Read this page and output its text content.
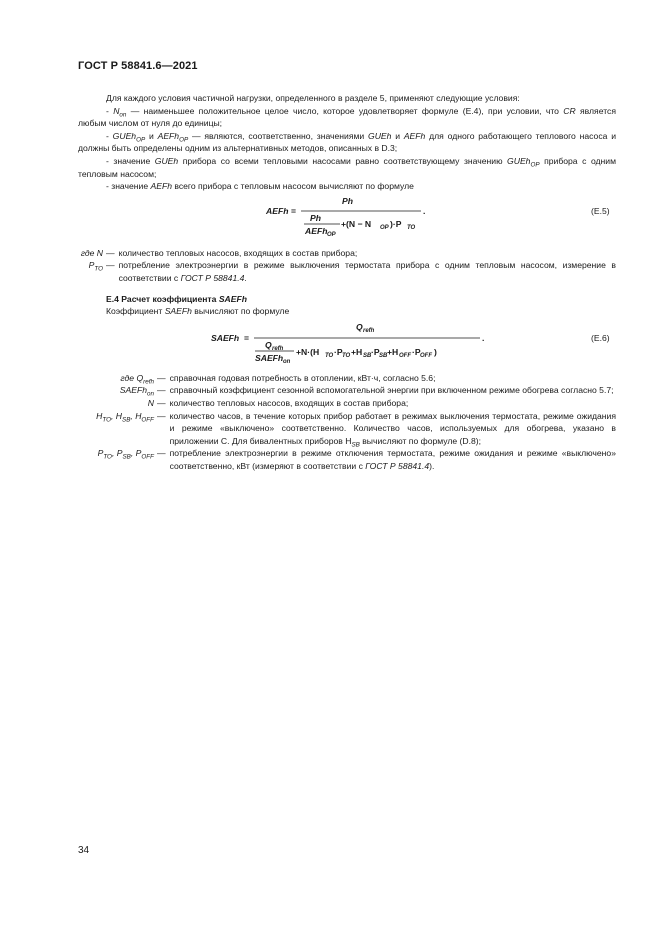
ГОСТ Р 58841.6—2021

Для каждого условия частичной нагрузки, определенного в разделе 5, применяют следующие условия:

- $N_{on}$ — наименьшее положительное целое число, которое удовлетворяет формуле (Е.4), при условии, что CR является любым числом от нуля до единицы;

- GUEh$_{OP}$ и AEFh$_{OP}$ — являются, соответственно, значениями GUEh и AEFh для одного работающего теплового насоса и должны быть определены одним из альтернативных методов, описанных в D.3;

- значение GUEh прибора со всеми тепловыми насосами равно соответствующему значению GUEh$_{OP}$ прибора с одним тепловым насосом;

- значение AEFh всего прибора с тепловым насосом вычисляют по формуле

AEFh =
Ph
Ph
AEFh OP
+(N − N OP )·P TO
.	(E.5)
где N — количество тепловых насосов, входящих в состав прибора;
$P_{TO}$ — потребление электроэнергии в режиме выключения термостата прибора с одним тепловым насосом, измерение в соответствии с ГОСТ Р 58841.4.

Е.4 Расчет коэффициента SAEFh

Коэффициент SAEFh вычисляют по формуле

SAEFh =
Q refh
Q refh
SAEFh on
+N·(H TO ·P TO +H SB ·P SB +H OFF ·P OFF )
.	(E.6)
где $Q_{refh}$ — справочная годовая потребность в отоплении, кВт·ч, согласно 5.6;
SAEFh$_{on}$ — справочный коэффициент сезонной вспомогательной энергии при включенном режиме обогрева согласно 5.7;
N — количество тепловых насосов, входящих в состав прибора;
$H_{TO}$, $H_{SB}$, $H_{OFF}$ — количество часов, в течение которых прибор работает в режимах выключения термостата, режиме ожидания и режиме «выключено» соответственно. Количество часов, используемых для обогрева, указано в приложении С. Для бивалентных приборов $H_{SB}$ вычисляют по формуле (D.8);
$P_{TO}$, $P_{SB}$, $P_{OFF}$ — потребление электроэнергии в режиме отключения термостата, режиме ожидания и режиме «выключено» соответственно, кВт (измеряют в соответствии с ГОСТ Р 58841.4).
34
